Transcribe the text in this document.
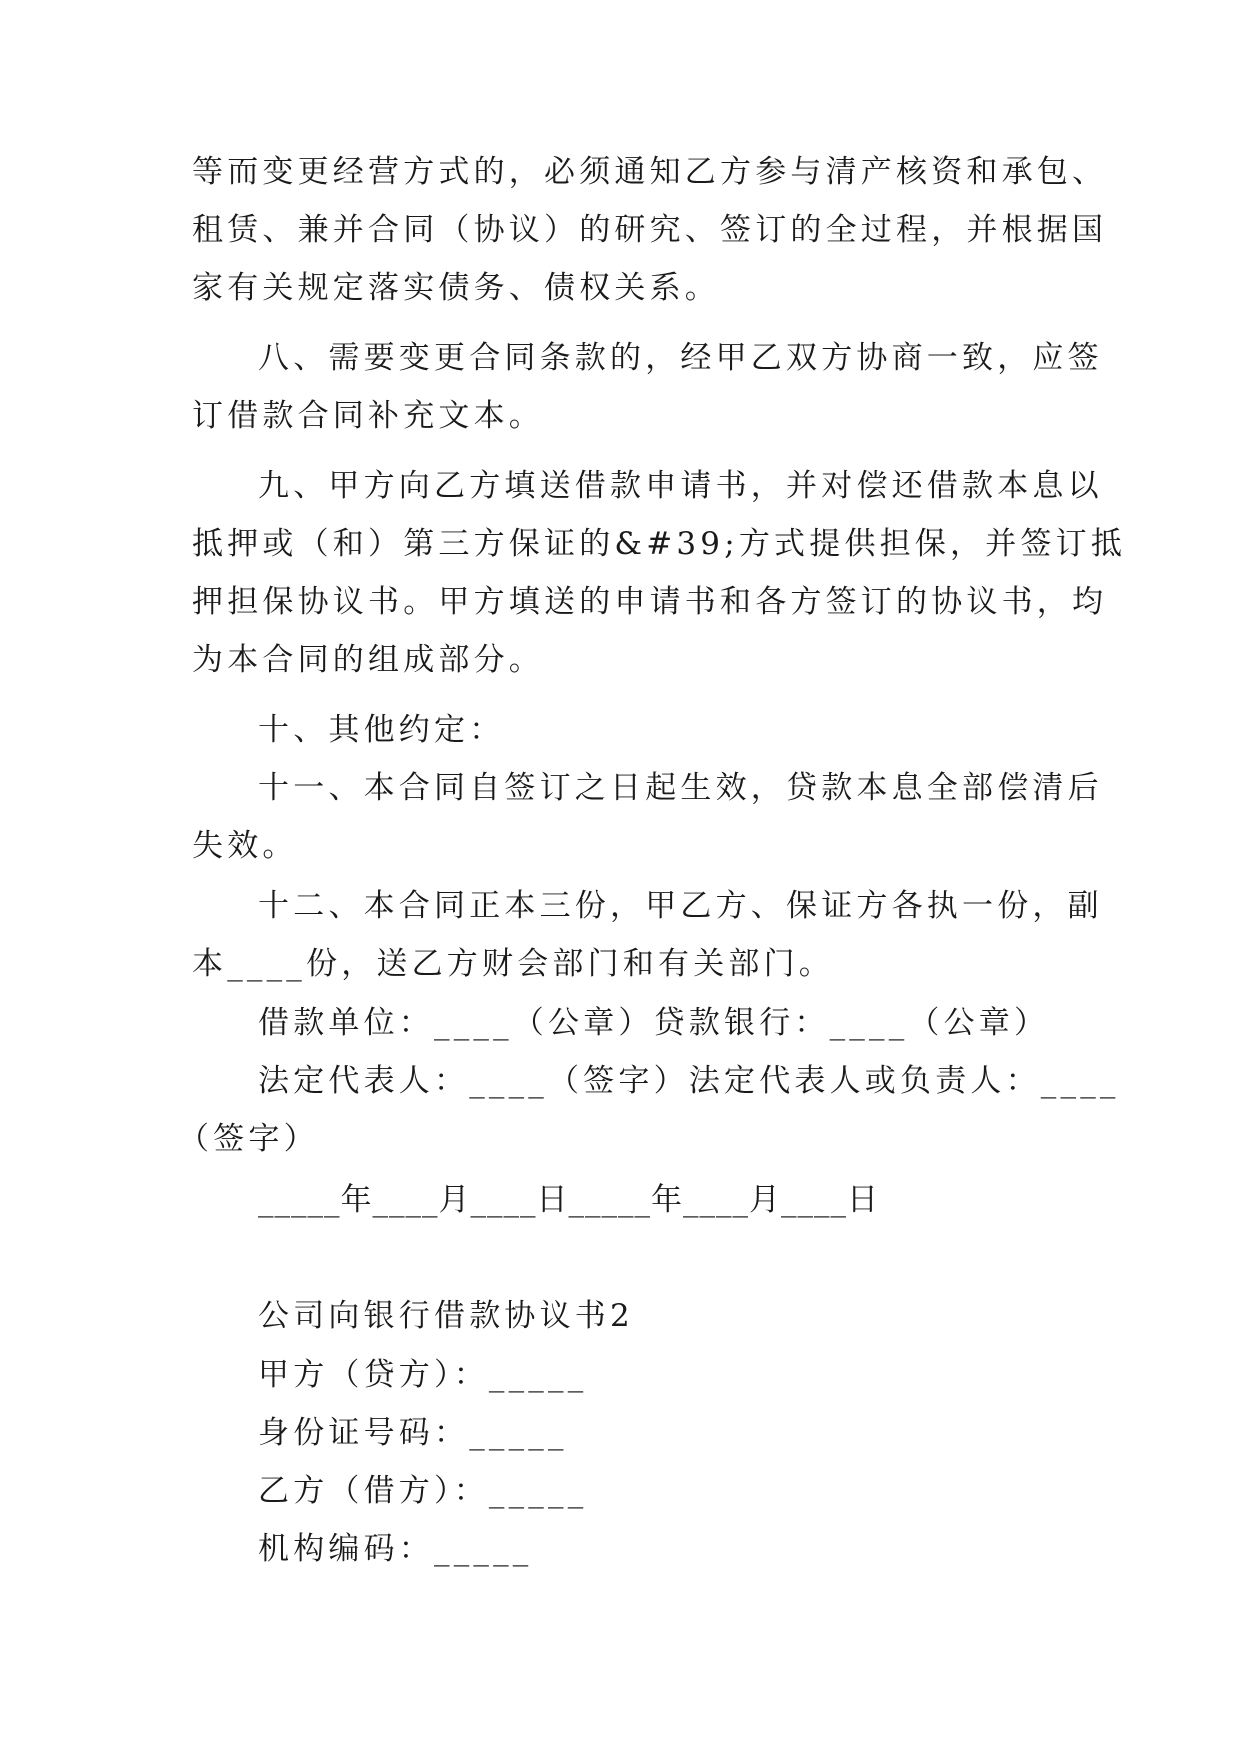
等而变更经营方式的，必须通知乙方参与清产核资和承包、
租赁、兼并合同（协议）的研究、签订的全过程，并根据国
家有关规定落实债务、债权关系。
八、需要变更合同条款的，经甲乙双方协商一致，应签
订借款合同补充文本。
九、甲方向乙方填送借款申请书，并对偿还借款本息以
抵押或（和）第三方保证的&#39;方式提供担保，并签订抵
押担保协议书。甲方填送的申请书和各方签订的协议书，均
为本合同的组成部分。
十、其他约定：
十一、本合同自签订之日起生效，贷款本息全部偿清后
失效。
十二、本合同正本三份，甲乙方、保证方各执一份，副
本____份，送乙方财会部门和有关部门。
借款单位：____（公章）贷款银行：____（公章）
法定代表人：____（签字）法定代表人或负责人：____
（签字）
_____年____月____日_____年____月____日
公司向银行借款协议书2
甲方（贷方）：_____
身份证号码：_____
乙方（借方）：_____
机构编码：_____
